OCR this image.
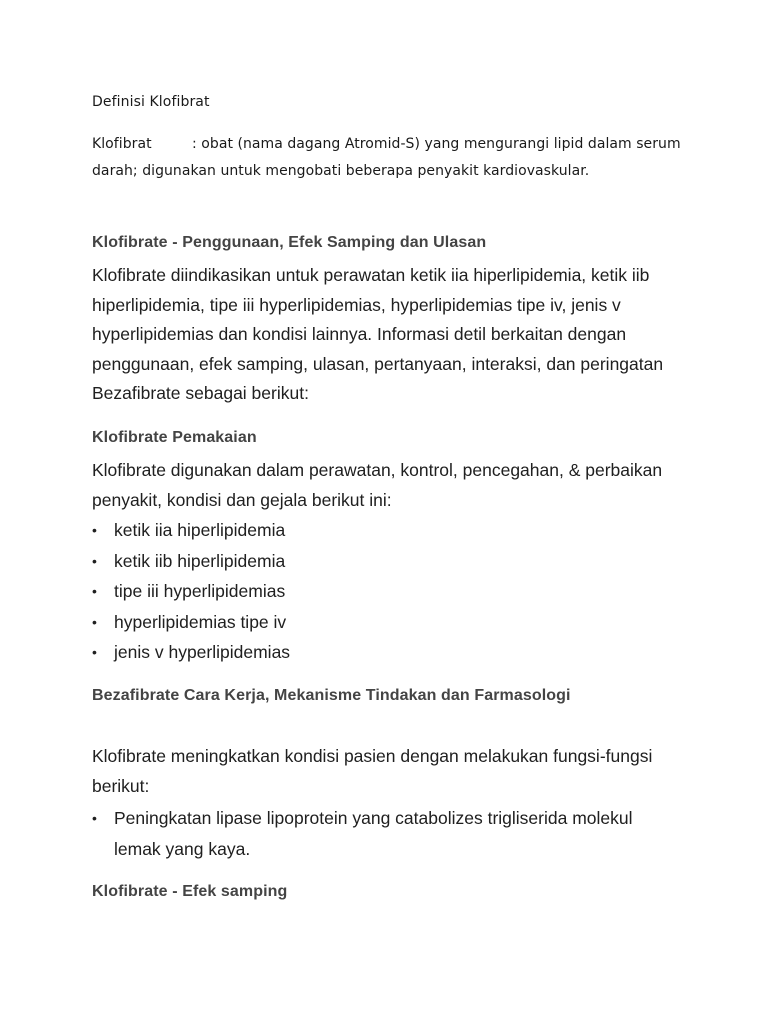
Definisi Klofibrat

Klofibrat	: obat (nama dagang Atromid-S) yang mengurangi lipid dalam serum darah; digunakan untuk mengobati beberapa penyakit kardiovaskular.

Klofibrate - Penggunaan, Efek Samping dan Ulasan

Klofibrate diindikasikan untuk perawatan ketik iia hiperlipidemia, ketik iib hiperlipidemia, tipe iii hyperlipidemias, hyperlipidemias tipe iv, jenis v hyperlipidemias dan kondisi lainnya. Informasi detil berkaitan dengan penggunaan, efek samping, ulasan, pertanyaan, interaksi, dan peringatan Bezafibrate sebagai berikut:

Klofibrate Pemakaian

Klofibrate digunakan dalam perawatan, kontrol, pencegahan, & perbaikan penyakit, kondisi dan gejala berikut ini:

• ketik iia hiperlipidemia
• ketik iib hiperlipidemia
• tipe iii hyperlipidemias
• hyperlipidemias tipe iv
• jenis v hyperlipidemias
Bezafibrate Cara Kerja, Mekanisme Tindakan dan Farmasologi

Klofibrate meningkatkan kondisi pasien dengan melakukan fungsi-fungsi berikut:

• Peningkatan lipase lipoprotein yang catabolizes trigliserida molekul lemak yang kaya.
Klofibrate - Efek samping
